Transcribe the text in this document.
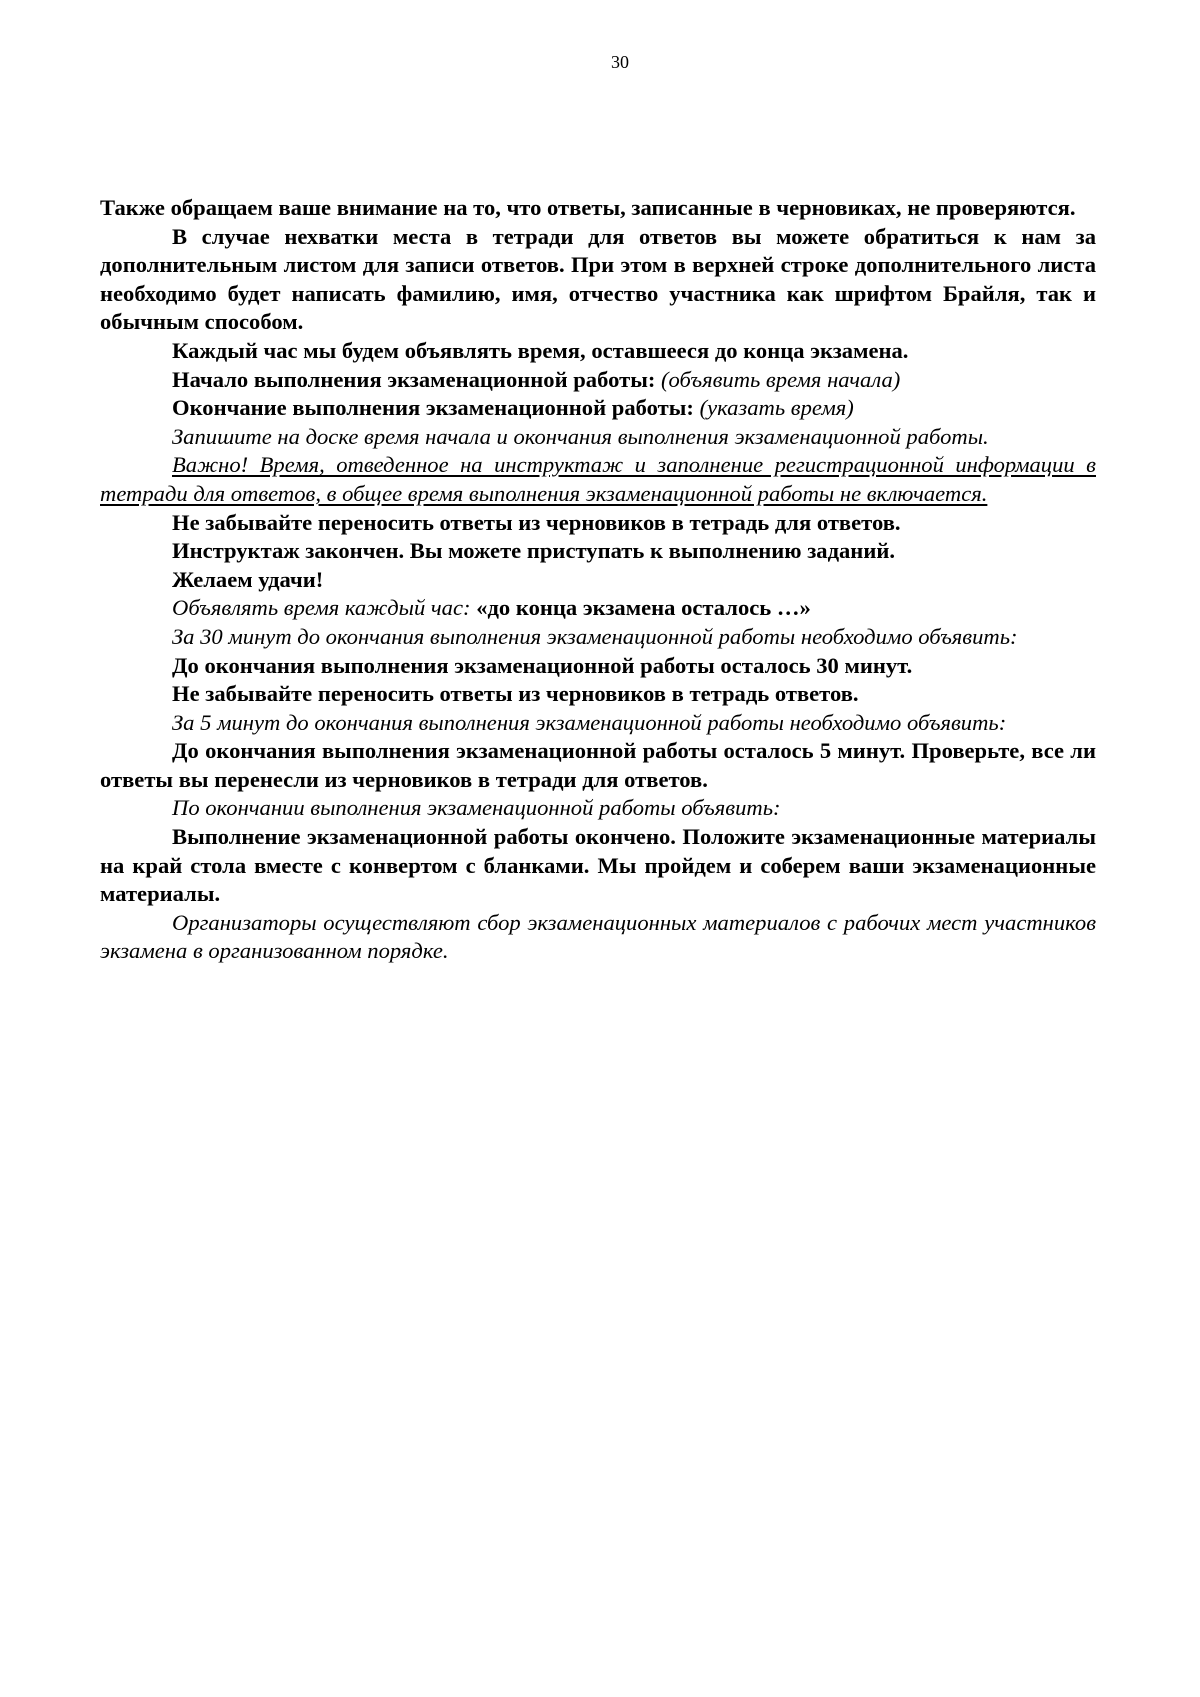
30

Также обращаем ваше внимание на то, что ответы, записанные в черновиках, не проверяются.

В случае нехватки места в тетради для ответов вы можете обратиться к нам за дополнительным листом для записи ответов. При этом в верхней строке дополнительного листа необходимо будет написать фамилию, имя, отчество участника как шрифтом Брайля, так и обычным способом.

Каждый час мы будем объявлять время, оставшееся до конца экзамена.

Начало выполнения экзаменационной работы: (объявить время начала)

Окончание выполнения экзаменационной работы: (указать время)

Запишите на доске время начала и окончания выполнения экзаменационной работы.

Важно! Время, отведенное на инструктаж и заполнение регистрационной информации в тетради для ответов, в общее время выполнения экзаменационной работы не включается.

Не забывайте переносить ответы из черновиков в тетрадь для ответов.

Инструктаж закончен. Вы можете приступать к выполнению заданий.

Желаем удачи!

Объявлять время каждый час: «до конца экзамена осталось …»

За 30 минут до окончания выполнения экзаменационной работы необходимо объявить:

До окончания выполнения экзаменационной работы осталось 30 минут.

Не забывайте переносить ответы из черновиков в тетрадь ответов.

За 5 минут до окончания выполнения экзаменационной работы необходимо объявить:

До окончания выполнения экзаменационной работы осталось 5 минут. Проверьте, все ли ответы вы перенесли из черновиков в тетради для ответов.

По окончании выполнения экзаменационной работы объявить:

Выполнение экзаменационной работы окончено. Положите экзаменационные материалы на край стола вместе с конвертом с бланками. Мы пройдем и соберем ваши экзаменационные материалы.

Организаторы осуществляют сбор экзаменационных материалов с рабочих мест участников экзамена в организованном порядке.
